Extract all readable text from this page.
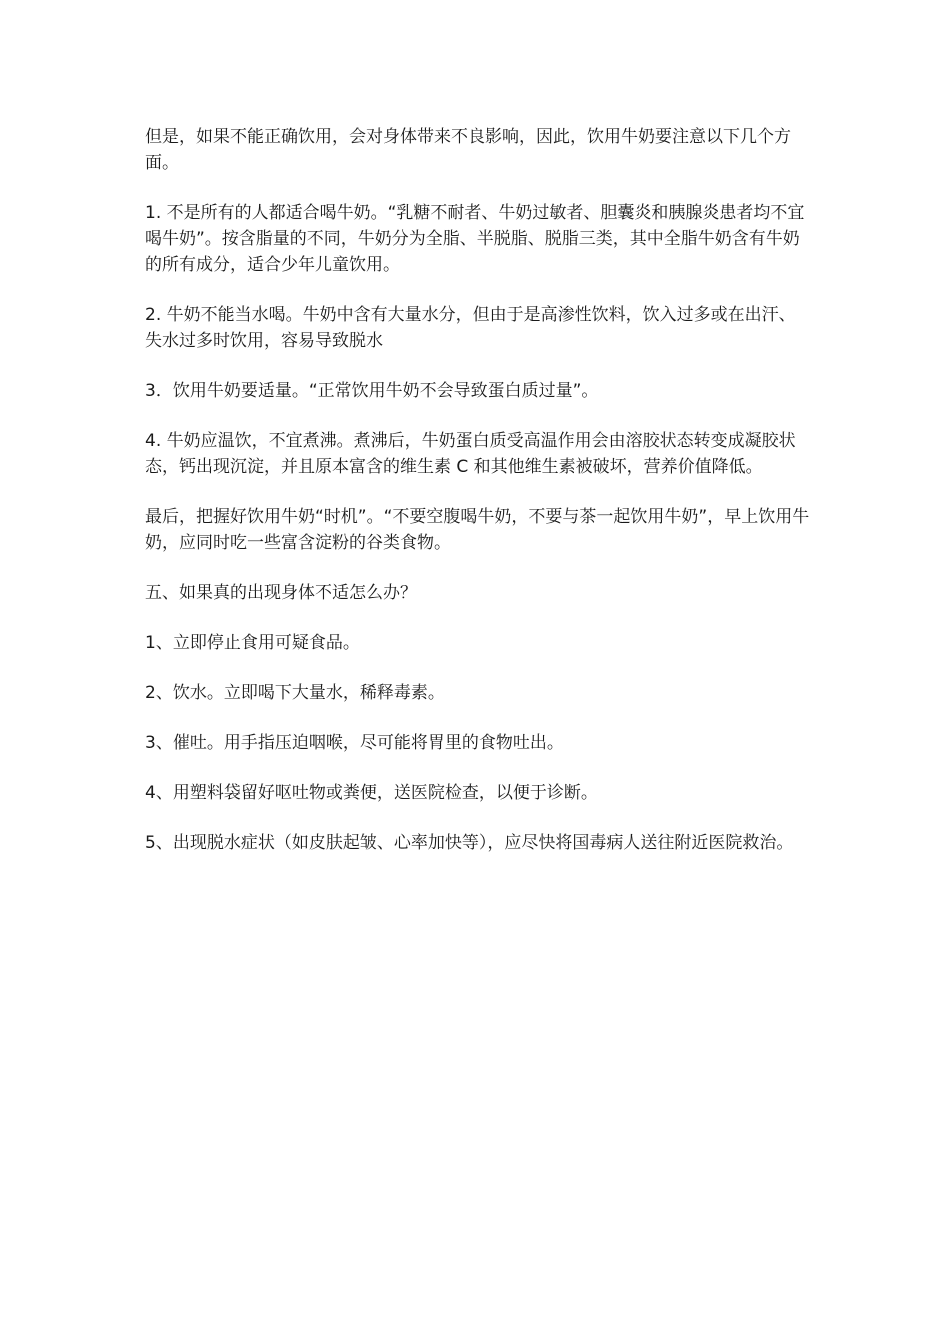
但是，如果不能正确饮用，会对身体带来不良影响，因此，饮用牛奶要注意以下几个方面。

1. 不是所有的人都适合喝牛奶。“乳糖不耐者、牛奶过敏者、胆囊炎和胰腺炎患者均不宜喝牛奶”。按含脂量的不同，牛奶分为全脂、半脱脂、脱脂三类，其中全脂牛奶含有牛奶的所有成分，适合少年儿童饮用。

2. 牛奶不能当水喝。牛奶中含有大量水分，但由于是高渗性饮料，饮入过多或在出汗、失水过多时饮用，容易导致脱水

3．饮用牛奶要适量。“正常饮用牛奶不会导致蛋白质过量”。

4. 牛奶应温饮，不宜煮沸。煮沸后，牛奶蛋白质受高温作用会由溶胶状态转变成凝胶状态，钙出现沉淀，并且原本富含的维生素 C 和其他维生素被破坏，营养价值降低。

最后，把握好饮用牛奶“时机”。“不要空腹喝牛奶，不要与茶一起饮用牛奶”，早上饮用牛奶，应同时吃一些富含淀粉的谷类食物。

五、如果真的出现身体不适怎么办？

1、立即停止食用可疑食品。

2、饮水。立即喝下大量水，稀释毒素。

3、催吐。用手指压迫咽喉，尽可能将胃里的食物吐出。

4、用塑料袋留好呕吐物或粪便，送医院检查，以便于诊断。

5、出现脱水症状（如皮肤起皱、心率加快等），应尽快将国毒病人送往附近医院救治。
